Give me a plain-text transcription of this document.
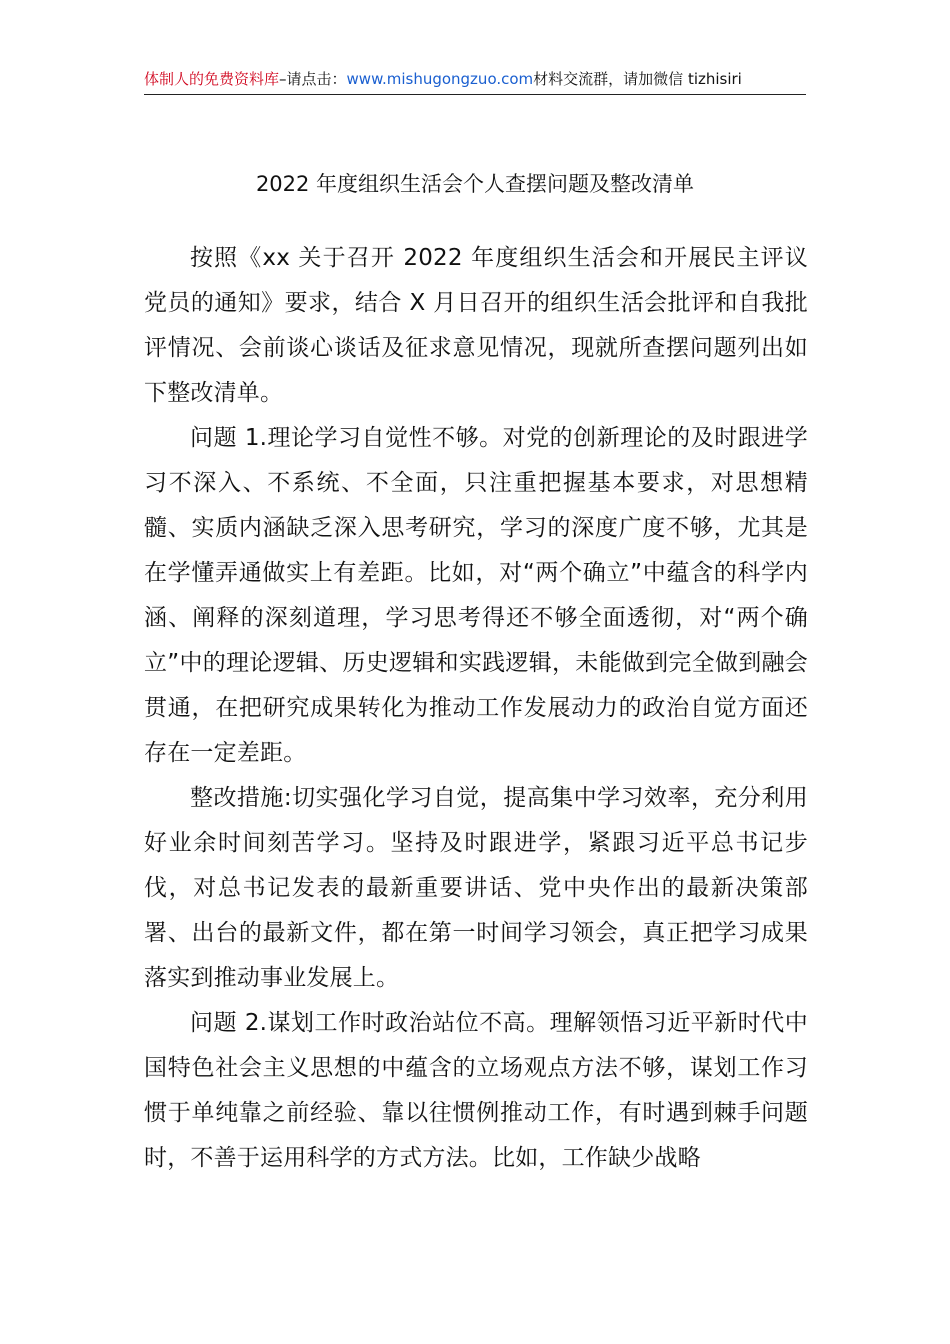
体制人的免费资料库–请点击：www.mishugongzuo.com材料交流群，请加微信 tizhisiri
2022 年度组织生活会个人查摆问题及整改清单

按照《xx 关于召开 2022 年度组织生活会和开展民主评议党员的通知》要求，结合 X 月日召开的组织生活会批评和自我批评情况、会前谈心谈话及征求意见情况，现就所查摆问题列出如下整改清单。

问题 1.理论学习自觉性不够。对党的创新理论的及时跟进学习不深入、不系统、不全面，只注重把握基本要求，对思想精髓、实质内涵缺乏深入思考研究，学习的深度广度不够，尤其是在学懂弄通做实上有差距。比如，对“两个确立”中蕴含的科学内涵、阐释的深刻道理，学习思考得还不够全面透彻，对“两个确立”中的理论逻辑、历史逻辑和实践逻辑，未能做到完全做到融会贯通，在把研究成果转化为推动工作发展动力的政治自觉方面还存在一定差距。

整改措施:切实强化学习自觉，提高集中学习效率，充分利用好业余时间刻苦学习。坚持及时跟进学，紧跟习近平总书记步伐，对总书记发表的最新重要讲话、党中央作出的最新决策部署、出台的最新文件，都在第一时间学习领会，真正把学习成果落实到推动事业发展上。

问题 2.谋划工作时政治站位不高。理解领悟习近平新时代中国特色社会主义思想的中蕴含的立场观点方法不够，谋划工作习惯于单纯靠之前经验、靠以往惯例推动工作，有时遇到棘手问题时，不善于运用科学的方式方法。比如，工作缺少战略
